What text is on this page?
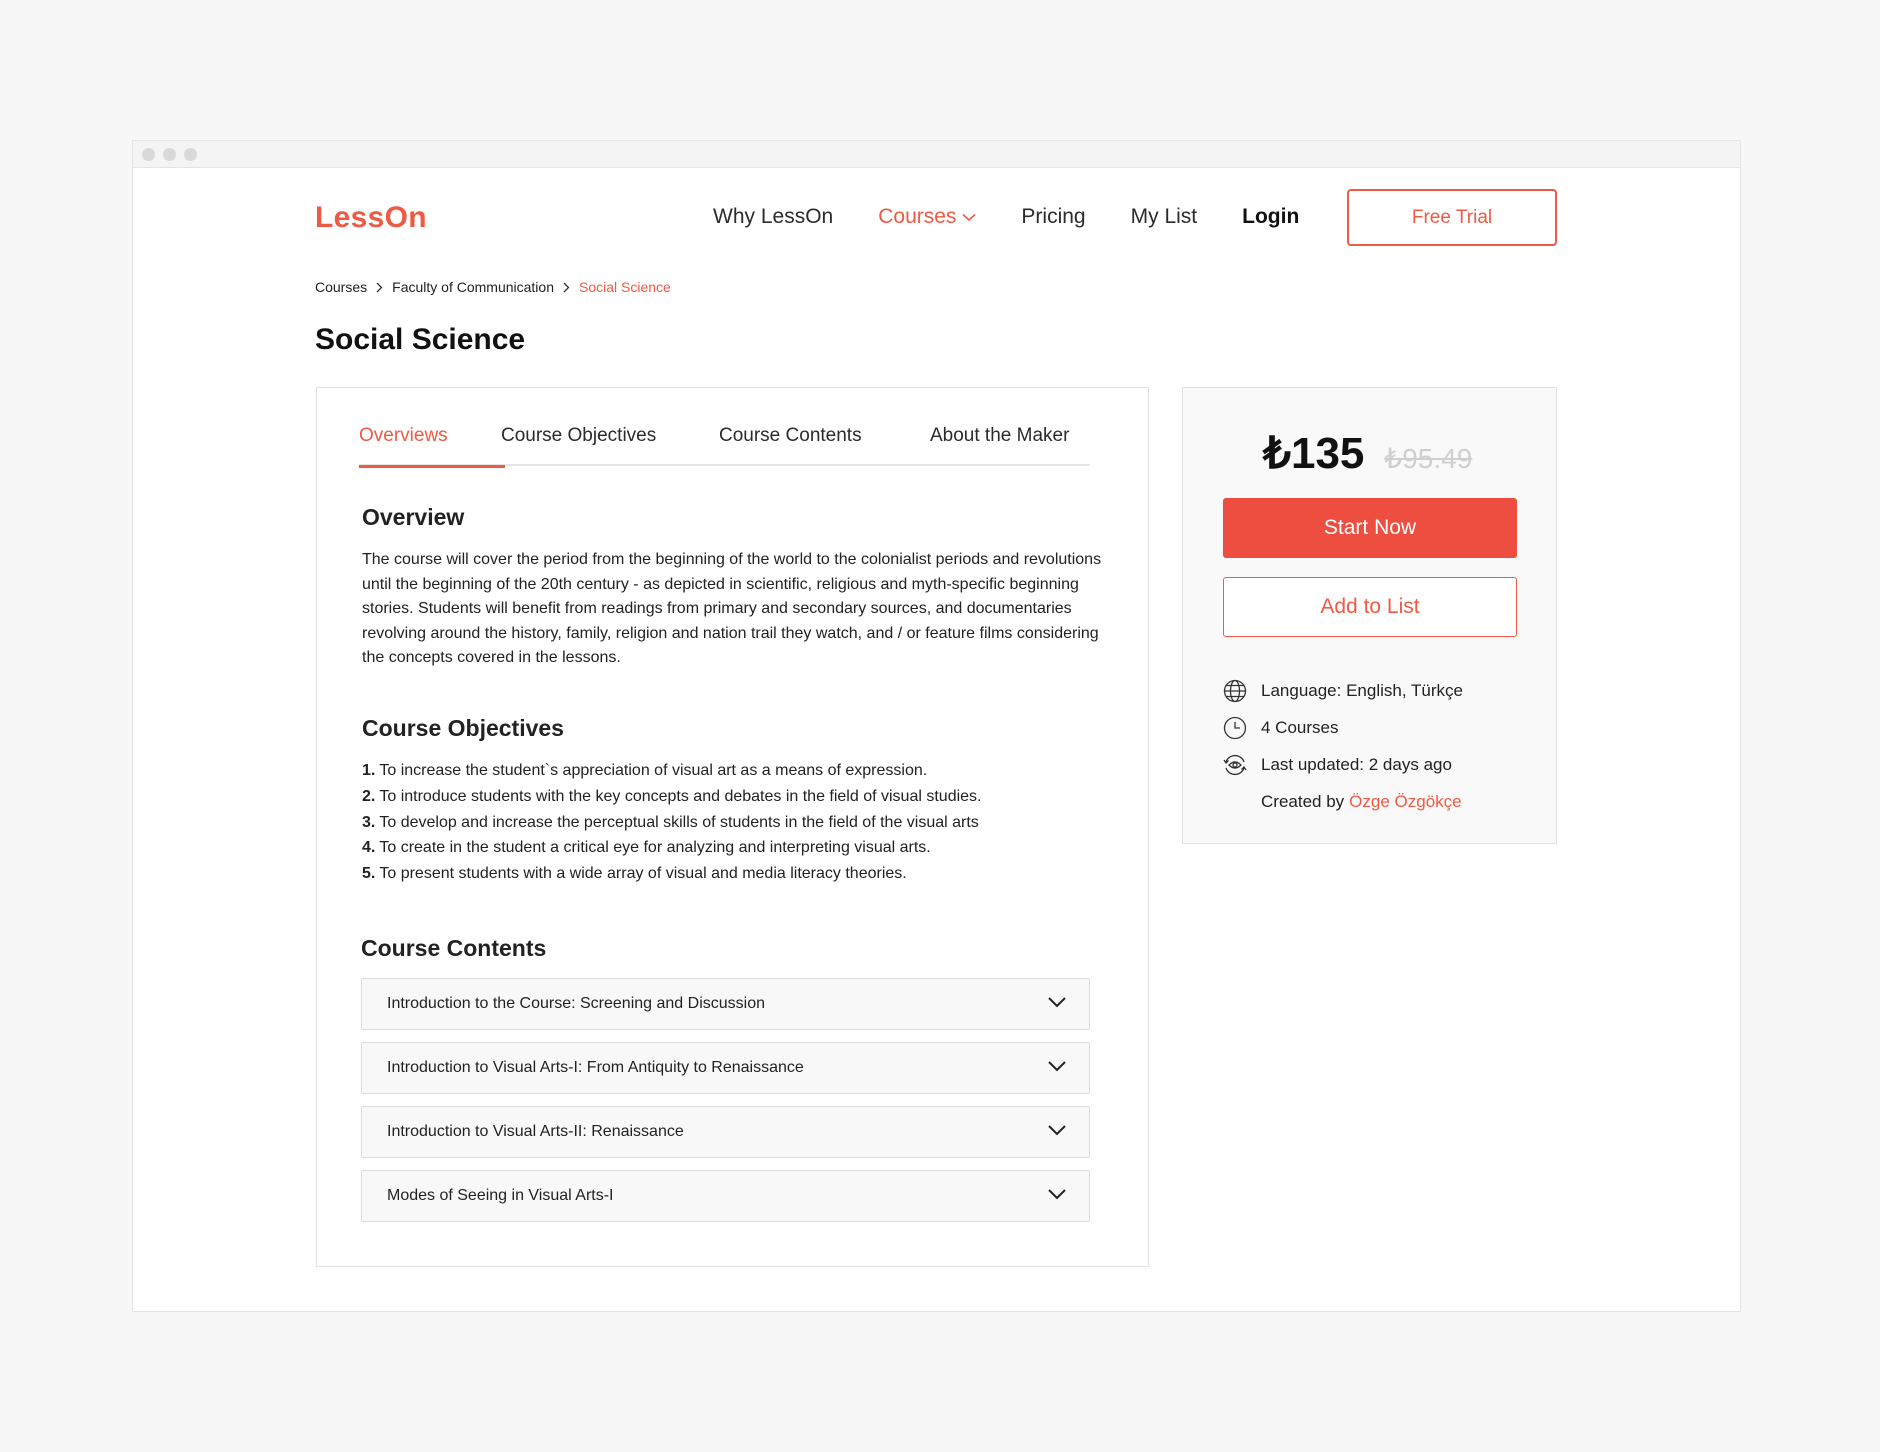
LessOn	Why LessOn Courses	Pricing My List Login	Free Trial
Courses Faculty of Communication Social Science
Social Science
Overviews	Course Objectives	Course Contents	About the Maker
Overview

The course will cover the period from the beginning of the world to the colonialist periods and revolutions until the beginning of the 20th century - as depicted in scientific, religious and myth-specific beginning stories. Students will benefit from readings from primary and secondary sources, and documentaries revolving around the history, family, religion and nation trail they watch, and / or feature films considering the concepts covered in the lessons.

Course Objectives
1. To increase the student`s appreciation of visual art as a means of expression.
2. To introduce students with the key concepts and debates in the field of visual studies.
3. To develop and increase the perceptual skills of students in the field of the visual arts
4. To create in the student a critical eye for analyzing and interpreting visual arts.
5. To present students with a wide array of visual and media literacy theories.
Course Contents
Introduction to the Course: Screening and Discussion
Introduction to Visual Arts-I: From Antiquity to Renaissance
Introduction to Visual Arts-II: Renaissance
Modes of Seeing in Visual Arts-I
₺135 ₺95.49
Start Now
Add to List
Language: English, Türkçe
4 Courses
Last updated: 2 days ago
Created by Özge Özgökçe
